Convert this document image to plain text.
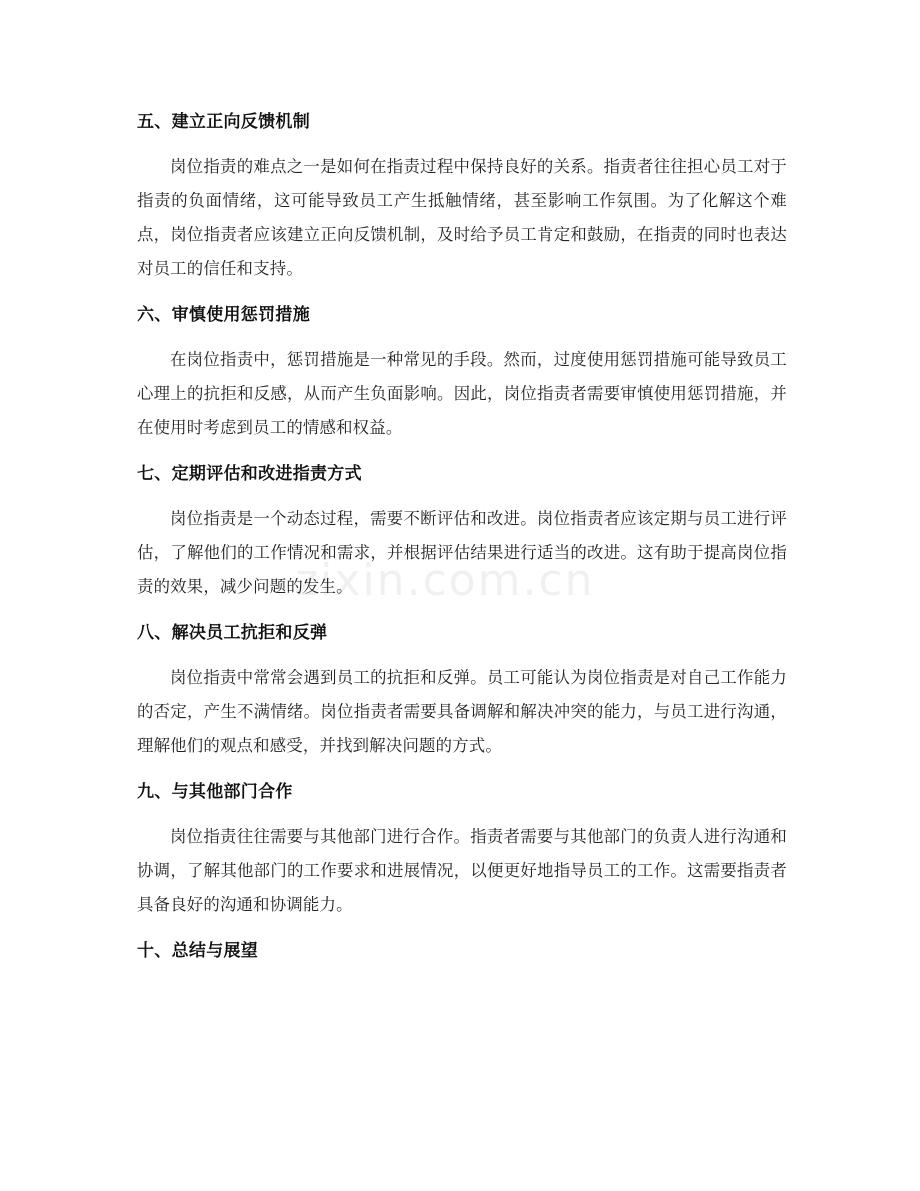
五、建立正向反馈机制

岗位指责的难点之一是如何在指责过程中保持良好的关系。指责者往往担心员工对于指责的负面情绪，这可能导致员工产生抵触情绪，甚至影响工作氛围。为了化解这个难点，岗位指责者应该建立正向反馈机制，及时给予员工肯定和鼓励，在指责的同时也表达对员工的信任和支持。

六、审慎使用惩罚措施

在岗位指责中，惩罚措施是一种常见的手段。然而，过度使用惩罚措施可能导致员工心理上的抗拒和反感，从而产生负面影响。因此，岗位指责者需要审慎使用惩罚措施，并在使用时考虑到员工的情感和权益。

七、定期评估和改进指责方式

岗位指责是一个动态过程，需要不断评估和改进。岗位指责者应该定期与员工进行评估，了解他们的工作情况和需求，并根据评估结果进行适当的改进。这有助于提高岗位指责的效果，减少问题的发生。

八、解决员工抗拒和反弹

岗位指责中常常会遇到员工的抗拒和反弹。员工可能认为岗位指责是对自己工作能力的否定，产生不满情绪。岗位指责者需要具备调解和解决冲突的能力，与员工进行沟通，理解他们的观点和感受，并找到解决问题的方式。

九、与其他部门合作

岗位指责往往需要与其他部门进行合作。指责者需要与其他部门的负责人进行沟通和协调，了解其他部门的工作要求和进展情况，以便更好地指导员工的工作。这需要指责者具备良好的沟通和协调能力。

十、总结与展望
zixin.com.cn
